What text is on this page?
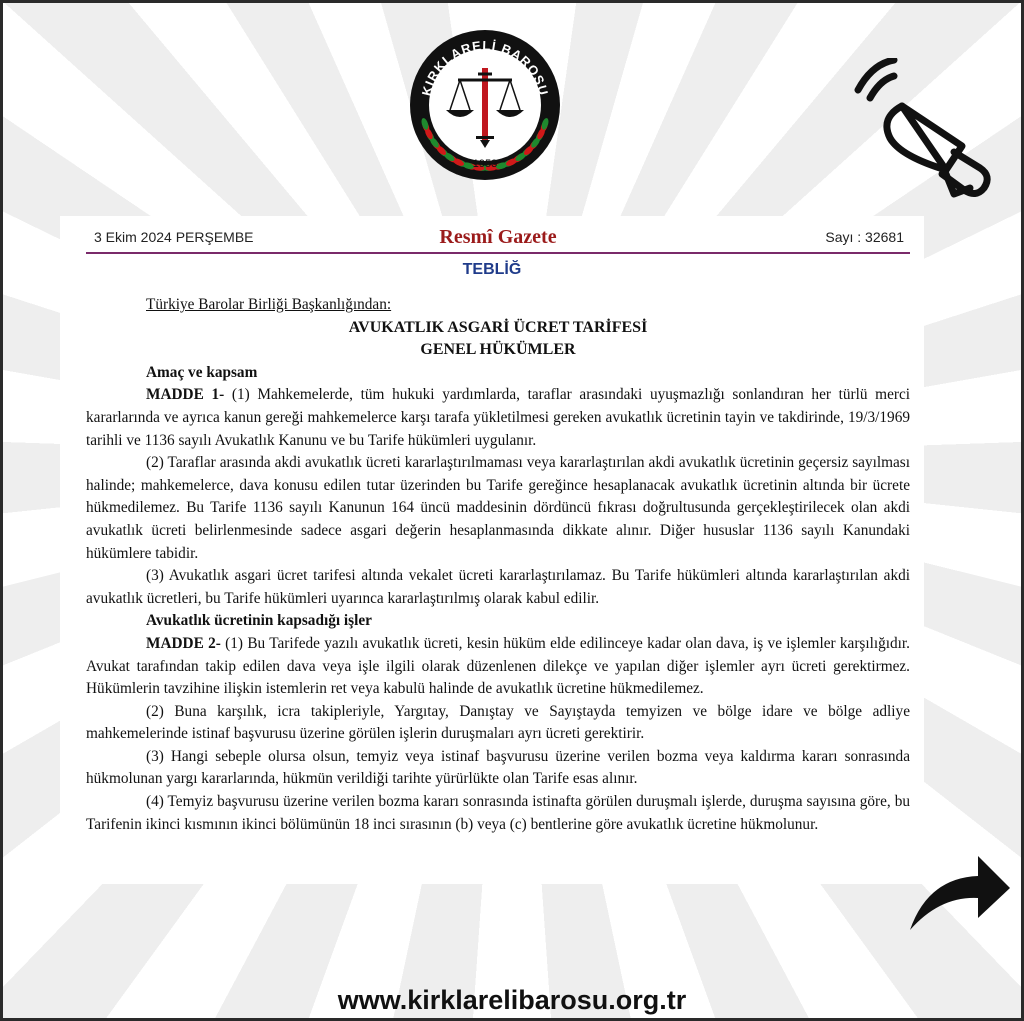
KIRKLARELİ BAROSU
1953
3 Ekim 2024 PERŞEMBE	Resmî Gazete	Sayı : 32681
TEBLİĞ

Türkiye Barolar Birliği Başkanlığından:

AVUKATLIK ASGARİ ÜCRET TARİFESİ

GENEL HÜKÜMLER

Amaç ve kapsam

MADDE 1- (1) Mahkemelerde, tüm hukuki yardımlarda, taraflar arasındaki uyuşmazlığı sonlandıran her türlü merci kararlarında ve ayrıca kanun gereği mahkemelerce karşı tarafa yükletilmesi gereken avukatlık ücretinin tayin ve takdirinde, 19/3/1969 tarihli ve 1136 sayılı Avukatlık Kanunu ve bu Tarife hükümleri uygulanır.

(2) Taraflar arasında akdi avukatlık ücreti kararlaştırılmaması veya kararlaştırılan akdi avukatlık ücretinin geçersiz sayılması halinde; mahkemelerce, dava konusu edilen tutar üzerinden bu Tarife gereğince hesaplanacak avukatlık ücretinin altında bir ücrete hükmedilemez. Bu Tarife 1136 sayılı Kanunun 164 üncü maddesinin dördüncü fıkrası doğrultusunda gerçekleştirilecek olan akdi avukatlık ücreti belirlenmesinde sadece asgari değerin hesaplanmasında dikkate alınır. Diğer hususlar 1136 sayılı Kanundaki hükümlere tabidir.

(3) Avukatlık asgari ücret tarifesi altında vekalet ücreti kararlaştırılamaz. Bu Tarife hükümleri altında kararlaştırılan akdi avukatlık ücretleri, bu Tarife hükümleri uyarınca kararlaştırılmış olarak kabul edilir.

Avukatlık ücretinin kapsadığı işler

MADDE 2- (1) Bu Tarifede yazılı avukatlık ücreti, kesin hüküm elde edilinceye kadar olan dava, iş ve işlemler karşılığıdır. Avukat tarafından takip edilen dava veya işle ilgili olarak düzenlenen dilekçe ve yapılan diğer işlemler ayrı ücreti gerektirmez. Hükümlerin tavzihine ilişkin istemlerin ret veya kabulü halinde de avukatlık ücretine hükmedilemez.

(2) Buna karşılık, icra takipleriyle, Yargıtay, Danıştay ve Sayıştayda temyizen ve bölge idare ve bölge adliye mahkemelerinde istinaf başvurusu üzerine görülen işlerin duruşmaları ayrı ücreti gerektirir.

(3) Hangi sebeple olursa olsun, temyiz veya istinaf başvurusu üzerine verilen bozma veya kaldırma kararı sonrasında hükmolunan yargı kararlarında, hükmün verildiği tarihte yürürlükte olan Tarife esas alınır.

(4) Temyiz başvurusu üzerine verilen bozma kararı sonrasında istinafta görülen duruşmalı işlerde, duruşma sayısına göre, bu Tarifenin ikinci kısmının ikinci bölümünün 18 inci sırasının (b) veya (c) bentlerine göre avukatlık ücretine hükmolunur.

www.kirklarelibarosu.org.tr
